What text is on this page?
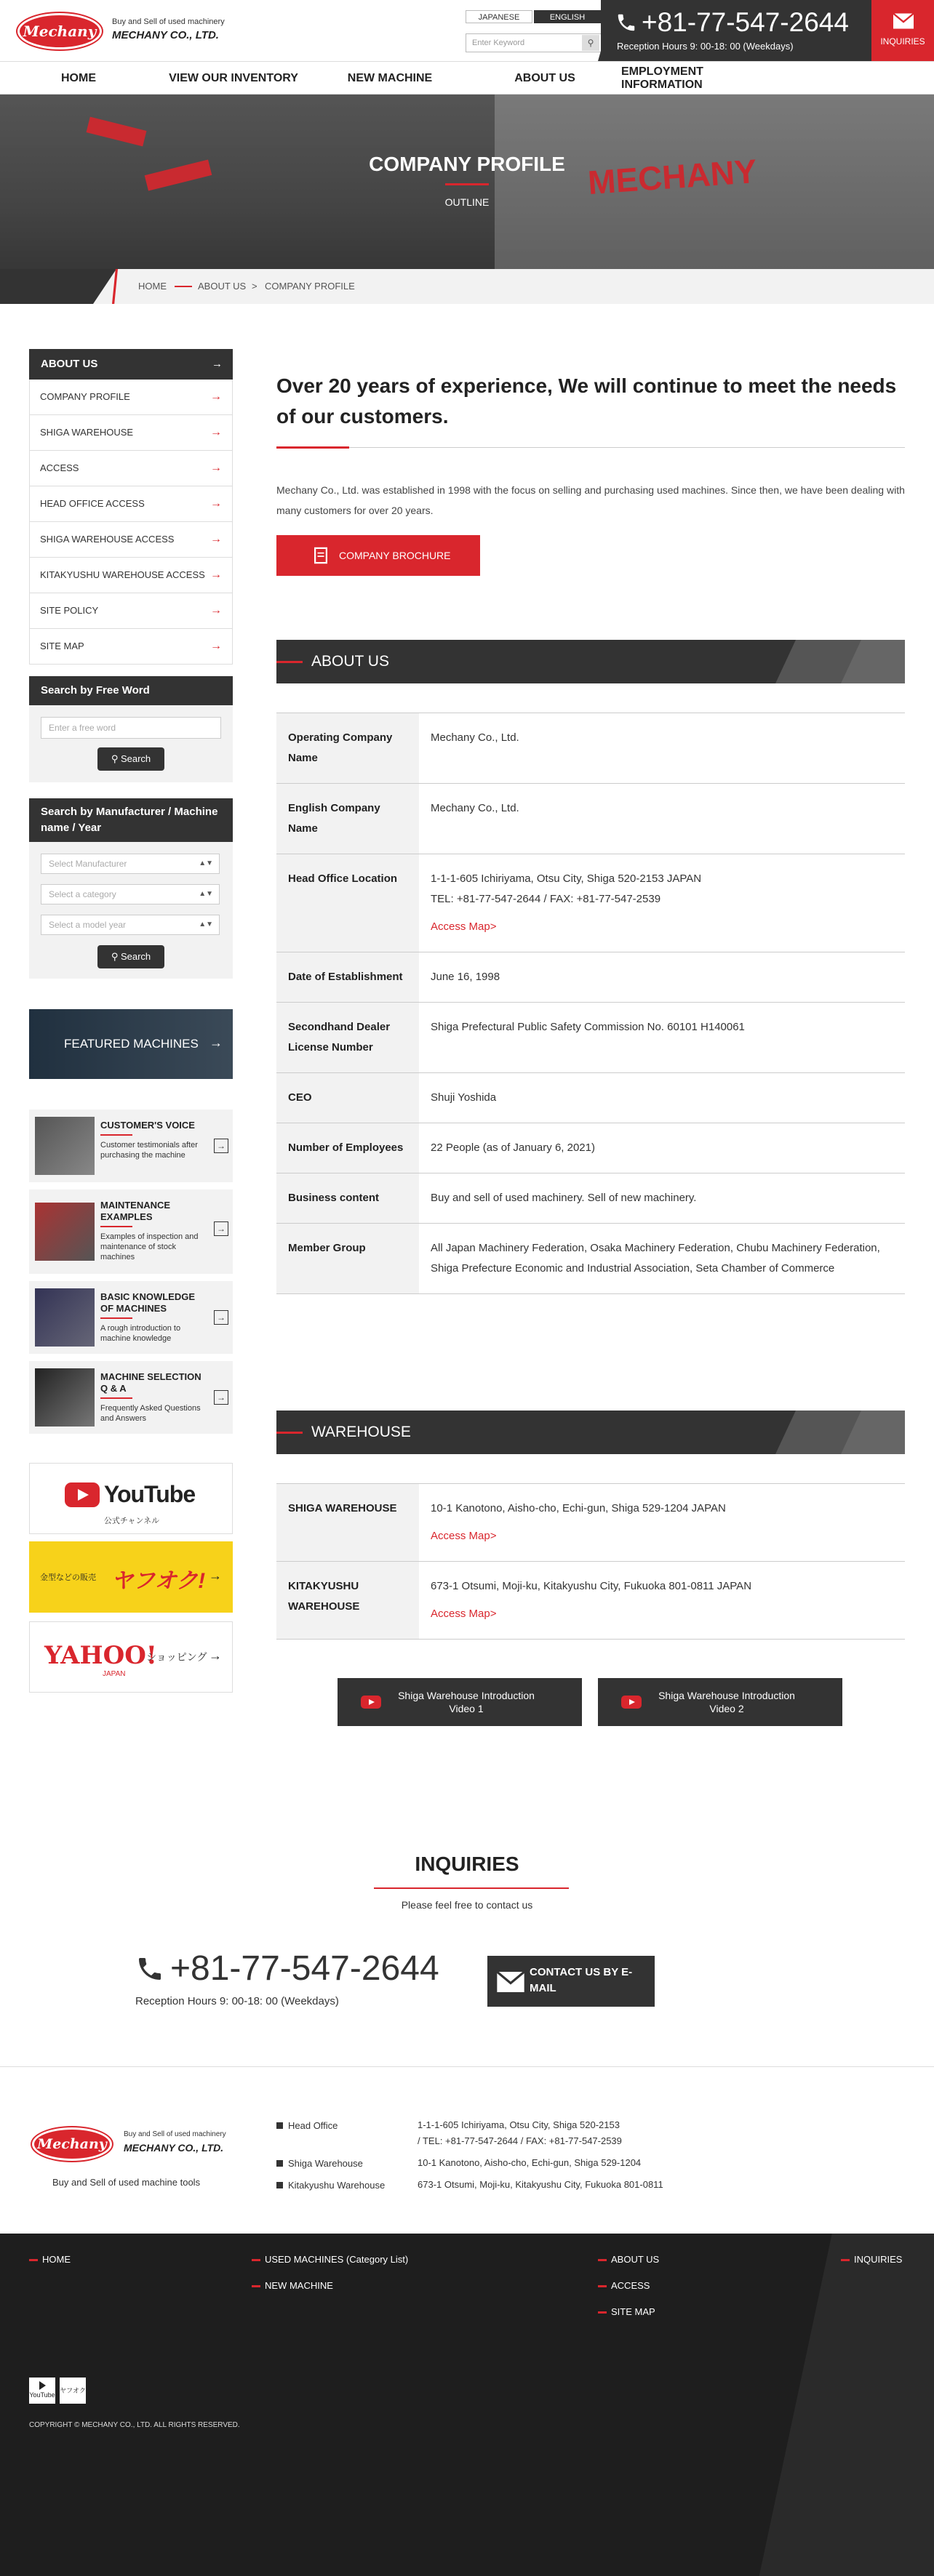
Mechany
Buy and Sell of used machinery
MECHANY CO., LTD.
JAPANESE	ENGLISH
Enter Keyword	⚲
+81-77-547-2644
Reception Hours 9: 00-18: 00 (Weekdays)	INQUIRIES
HOME	VIEW OUR INVENTORY	NEW MACHINE	ABOUT US
EMPLOYMENT INFORMATION
MECHANY
COMPANY PROFILE
OUTLINE
HOME	ABOUT US > COMPANY PROFILE
ABOUT US	→
COMPANY PROFILE	→
SHIGA WAREHOUSE	→
ACCESS	→
HEAD OFFICE ACCESS	→
SHIGA WAREHOUSE ACCESS	→
KITAKYUSHU WAREHOUSE ACCESS →
SITE POLICY	→
SITE MAP	→
Search by Free Word
Enter a free word
⚲ Search
Search by Manufacturer / Machine name / Year
Select Manufacturer	▲▼
Select a category	▲▼
Select a model year	▲▼
⚲ Search
FEATURED MACHINES →
CUSTOMER'S VOICE
Customer testimonials after purchasing the machine
→
MAINTENANCE EXAMPLES
Examples of inspection and maintenance of stock machines
→
BASIC KNOWLEDGE OF MACHINES
A rough introduction to machine knowledge
→
MACHINE SELECTION Q & A
Frequently Asked Questions and Answers
→
YouTube
公式チャンネル
金型などの販売 ヤフオク! →
YAHOO!
JAPAN
ショッピング →
Over 20 years of experience, We will continue to meet the needs of our customers.
Mechany Co., Ltd. was established in 1998 with the focus on selling and purchasing used machines. Since then, we have been dealing with many customers for over 20 years.
COMPANY BROCHURE
ABOUT US
Operating Company Name	Mechany Co., Ltd.
English Company Name	Mechany Co., Ltd.
Head Office Location	1-1-1-605 Ichiriyama, Otsu City, Shiga 520-2153 JAPAN
TEL: +81-77-547-2644 / FAX: +81-77-547-2539
Access Map>

Date of Establishment	June 16, 1998
Secondhand Dealer License Number	Shiga Prefectural Public Safety Commission No. 60101 H140061
CEO	Shuji Yoshida
Number of Employees	22 People (as of January 6, 2021)
Business content	Buy and sell of used machinery. Sell of new machinery.
Member Group	All Japan Machinery Federation, Osaka Machinery Federation, Chubu Machinery Federation, Shiga Prefecture Economic and Industrial Association, Seta Chamber of Commerce
WAREHOUSE
SHIGA WAREHOUSE	10-1 Kanotono, Aisho-cho, Echi-gun, Shiga 529-1204 JAPAN
Access Map>

KITAKYUSHU WAREHOUSE	673-1 Otsumi, Moji-ku, Kitakyushu City, Fukuoka 801-0811 JAPAN
Access Map>
Shiga Warehouse Introduction Video 1
Shiga Warehouse Introduction Video 2
INQUIRIES
Please feel free to contact us
+81-77-547-2644
Reception Hours 9: 00-18: 00 (Weekdays)
CONTACT US BY E-MAIL
Mechany
Buy and Sell of used machinery
MECHANY CO., LTD.
Buy and Sell of used machine tools
Head Office	1-1-1-605 Ichiriyama, Otsu City, Shiga 520-2153
/ TEL: +81-77-547-2644 / FAX: +81-77-547-2539
Shiga Warehouse	10-1 Kanotono, Aisho-cho, Echi-gun, Shiga 529-1204
Kitakyushu Warehouse	673-1 Otsumi, Moji-ku, Kitakyushu City, Fukuoka 801-0811
HOME	USED MACHINES (Category List)
NEW MACHINE
ABOUT US
ACCESS
SITE MAP
INQUIRIES
YouTube
ヤフオク
COPYRIGHT © MECHANY CO., LTD. ALL RIGHTS RESERVED.
